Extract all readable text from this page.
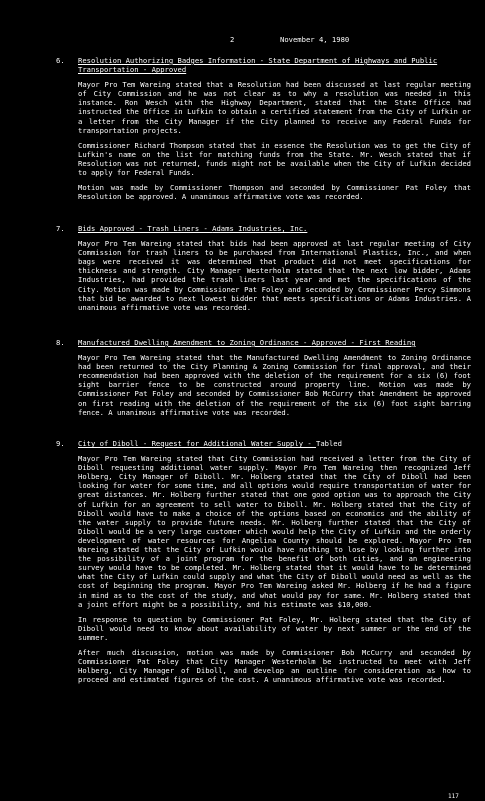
2	November 4, 1980
6. Resolution Authorizing Badges Information - State Department of Highways and Public Transportation - Approved
Mayor Pro Tem Wareing stated that a Resolution had been discussed at last regular meeting of City Commission and he was not clear as to why a resolution was needed in this instance. Ron Wesch with the Highway Department, stated that the State Office had instructed the Office in Lufkin to obtain a certified statement from the City of Lufkin or a letter from the City Manager if the City planned to receive any Federal Funds for transportation projects.
Commissioner Richard Thompson stated that in essence the Resolution was to get the City of Lufkin's name on the list for matching funds from the State. Mr. Wesch stated that if Resolution was not returned, funds might not be available when the City of Lufkin decided to apply for Federal Funds.
Motion was made by Commissioner Thompson and seconded by Commissioner Pat Foley that Resolution be approved. A unanimous affirmative vote was recorded.
7. Bids Approved - Trash Liners - Adams Industries, Inc.
Mayor Pro Tem Wareing stated that bids had been approved at last regular meeting of City Commission for trash liners to be purchased from International Plastics, Inc., and when bags were received it was determined that product did not meet specifications for thickness and strength. City Manager Westerholm stated that the next low bidder, Adams Industries, had provided the trash liners last year and met the specifications of the City. Motion was made by Commissioner Pat Foley and seconded by Commissioner Percy Simmons that bid be awarded to next lowest bidder that meets specifications or Adams Industries. A unanimous affirmative vote was recorded.
8. Manufactured Dwelling Amendment to Zoning Ordinance - Approved - First Reading
Mayor Pro Tem Wareing stated that the Manufactured Dwelling Amendment to Zoning Ordinance had been returned to the City Planning & Zoning Commission for final approval, and their recommendation had been approved with the deletion of the requirement for a six (6) foot sight barrier fence to be constructed around property line. Motion was made by Commissioner Pat Foley and seconded by Commissioner Bob McCurry that Amendment be approved on first reading with the deletion of the requirement of the six (6) foot sight barring fence. A unanimous affirmative vote was recorded.
9. City of Diboll - Request for Additional Water Supply - Tabled
Mayor Pro Tem Wareing stated that City Commission had received a letter from the City of Diboll requesting additional water supply. Mayor Pro Tem Wareing then recognized Jeff Holberg, City Manager of Diboll. Mr. Holberg stated that the City of Diboll had been looking for water for some time, and all options would require transportation of water for great distances. Mr. Holberg further stated that one good option was to approach the City of Lufkin for an agreement to sell water to Diboll. Mr. Holberg stated that the City of Diboll would have to make a choice of the options based on economics and the ability of the water supply to provide future needs. Mr. Holberg further stated that the City of Diboll would be a very large customer which would help the City of Lufkin and the orderly development of water resources for Angelina County should be explored. Mayor Pro Tem Wareing stated that the City of Lufkin would have nothing to lose by looking further into the possibility of a joint program for the benefit of both cities, and an engineering survey would have to be completed. Mr. Holberg stated that it would have to be determined what the City of Lufkin could supply and what the City of Diboll would need as well as the cost of beginning the program. Mayor Pro Tem Wareing asked Mr. Holberg if he had a figure in mind as to the cost of the study, and what would pay for same. Mr. Holberg stated that a joint effort might be a possibility, and his estimate was $10,000.
In response to question by Commissioner Pat Foley, Mr. Holberg stated that the City of Diboll would need to know about availability of water by next summer or the end of the summer.
After much discussion, motion was made by Commissioner Bob McCurry and seconded by Commissioner Pat Foley that City Manager Westerholm be instructed to meet with Jeff Holberg, City Manager of Diboll, and develop an outline for consideration as how to proceed and estimated figures of the cost. A unanimous affirmative vote was recorded.
117
